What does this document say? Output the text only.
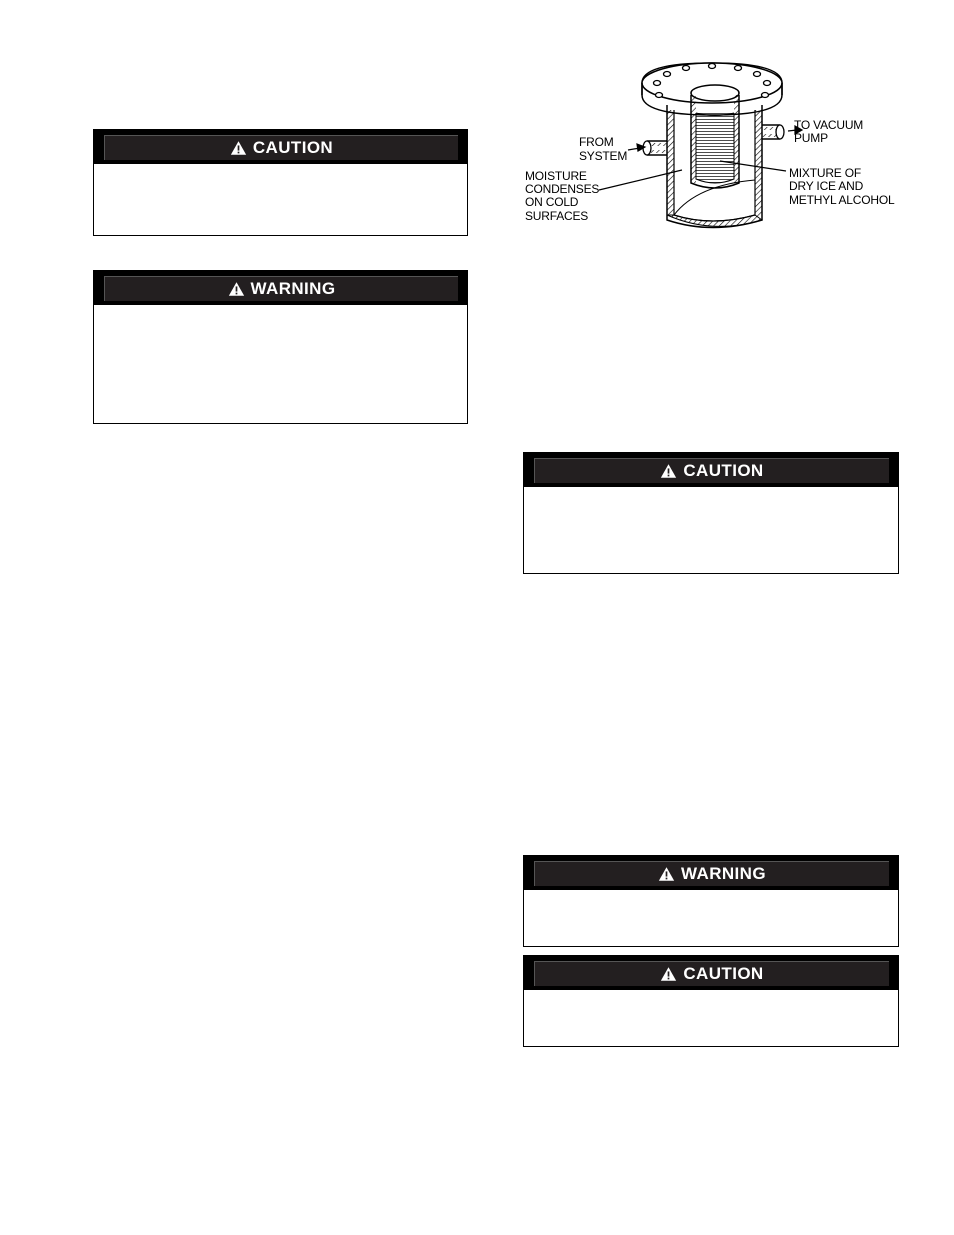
CAUTION
WARNING
CAUTION
WARNING
CAUTION
FROM
SYSTEM
TO VACUUM
PUMP
MOISTURE
CONDENSES
ON COLD
SURFACES
MIXTURE OF
DRY ICE AND
METHYL ALCOHOL
